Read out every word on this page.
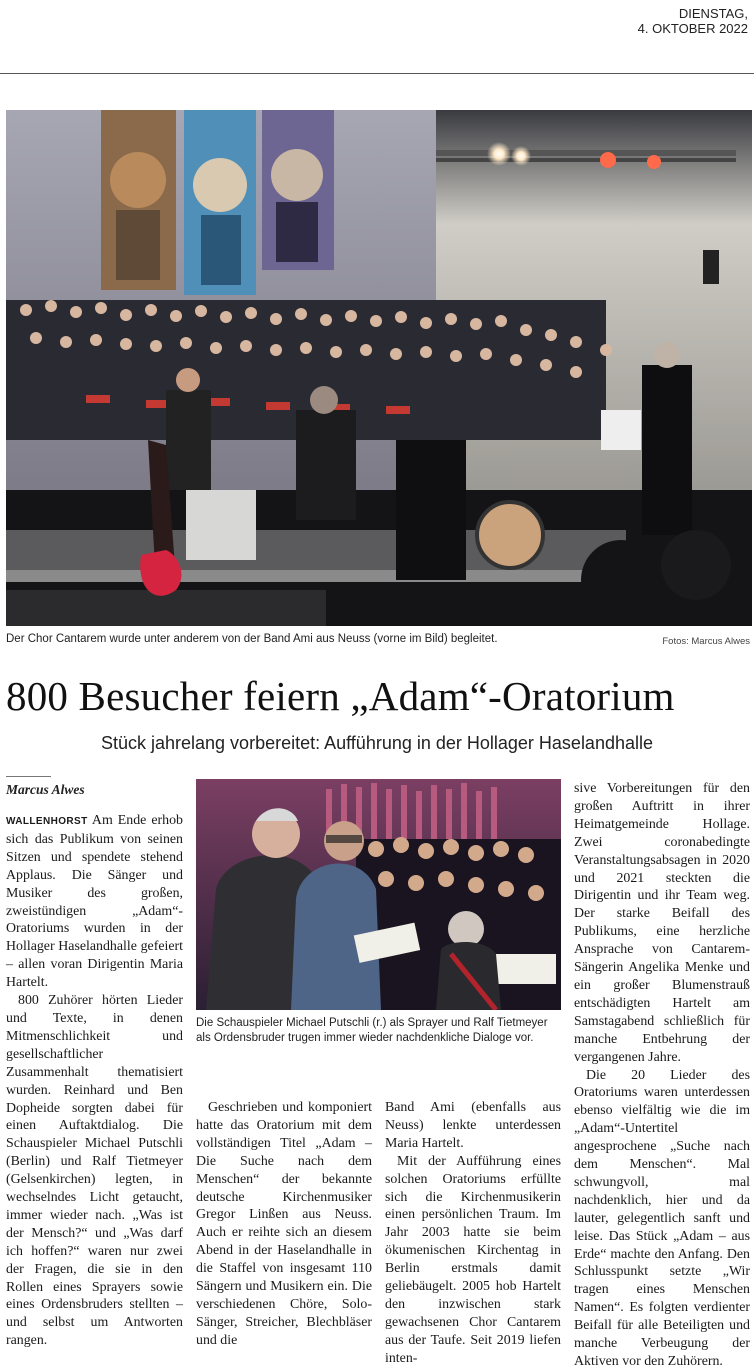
DIENSTAG,
4. OKTOBER 2022
Der Chor Cantarem wurde unter anderem von der Band Ami aus Neuss (vorne im Bild) begleitet.	Fotos: Marcus Alwes
800 Besucher feiern „Adam“-Oratorium
Stück jahrelang vorbereitet: Aufführung in der Hollager Haselandhalle
Marcus Alwes

WALLENHORST Am Ende erhob sich das Publikum von seinen Sitzen und spendete stehend Applaus. Die Sänger und Musiker des großen, zweistündigen „Adam“-Oratoriums wurden in der Hollager Haselandhalle gefeiert – allen voran Dirigentin Maria Hartelt.

800 Zuhörer hörten Lieder und Texte, in denen Mitmenschlichkeit und gesellschaftlicher Zusammenhalt thematisiert wurden. Reinhard und Ben Dopheide sorgten dabei für einen Auftaktdialog. Die Schauspieler Michael Putschli (Berlin) und Ralf Tietmeyer (Gelsenkirchen) legten, in wechselndes Licht getaucht, immer wieder nach. „Was ist der Mensch?“ und „Was darf ich hoffen?“ waren nur zwei der Fragen, die sie in den Rollen eines Sprayers sowie eines Ordensbruders stellten – und selbst um Antworten rangen.

Die Schauspieler Michael Putschli (r.) als Sprayer und Ralf Tietmeyer als Ordensbruder trugen immer wieder nachdenkliche Dialoge vor.

Geschrieben und komponiert hatte das Oratorium mit dem vollständigen Titel „Adam – Die Suche nach dem Menschen“ der bekannte deutsche Kirchenmusiker Gregor Linßen aus Neuss. Auch er reihte sich an diesem Abend in der Haselandhalle in die Staffel von insgesamt 110 Sängern und Musikern ein. Die verschiedenen Chöre, Solo-Sänger, Streicher, Blechbläser und die

Band Ami (ebenfalls aus Neuss) lenkte unterdessen Maria Hartelt.

Mit der Aufführung eines solchen Oratoriums erfüllte sich die Kirchenmusikerin einen persönlichen Traum. Im Jahr 2003 hatte sie beim ökumenischen Kirchentag in Berlin erstmals damit geliebäugelt. 2005 hob Hartelt den inzwischen stark gewachsenen Chor Cantarem aus der Taufe. Seit 2019 liefen inten-

sive Vorbereitungen für den großen Auftritt in ihrer Heimatgemeinde Hollage. Zwei coronabedingte Veranstaltungsabsagen in 2020 und 2021 steckten die Dirigentin und ihr Team weg. Der starke Beifall des Publikums, eine herzliche Ansprache von Cantarem-Sängerin Angelika Menke und ein großer Blumenstrauß entschädigten Hartelt am Samstagabend schließlich für manche Entbehrung der vergangenen Jahre.

Die 20 Lieder des Oratoriums waren unterdessen ebenso vielfältig wie die im „Adam“-Untertitel angesprochene „Suche nach dem Menschen“. Mal schwungvoll, mal nachdenklich, hier und da lauter, gelegentlich sanft und leise. Das Stück „Adam – aus Erde“ machte den Anfang. Den Schlusspunkt setzte „Wir tragen eines Menschen Namen“. Es folgten verdienter Beifall für alle Beteiligten und manche Verbeugung der Aktiven vor den Zuhörern.
